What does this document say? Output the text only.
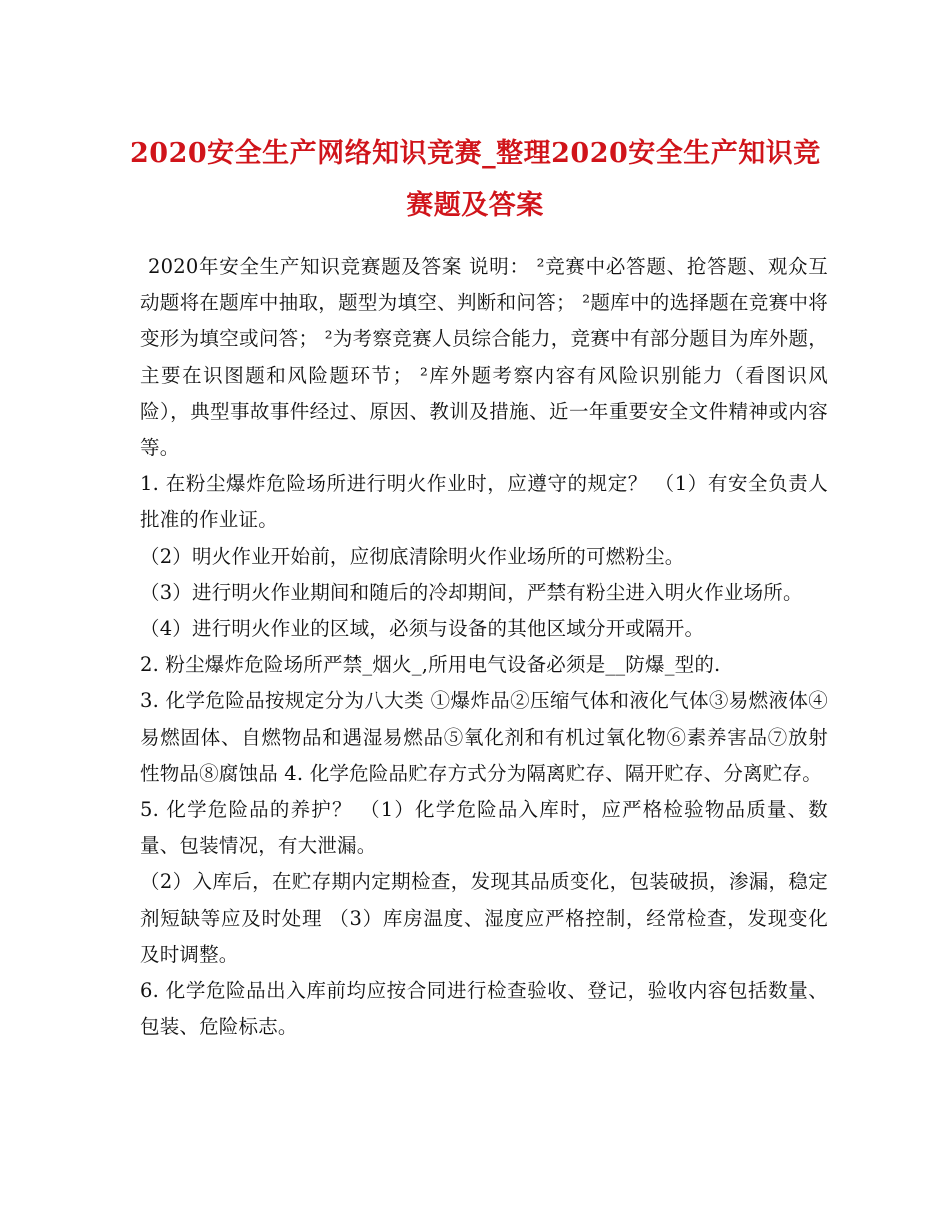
2020安全生产网络知识竞赛_整理2020安全生产知识竞
赛题及答案

2020年安全生产知识竞赛题及答案 说明： ²竞赛中必答题、抢答题、观众互动题将在题库中抽取，题型为填空、判断和问答； ²题库中的选择题在竞赛中将变形为填空或问答； ²为考察竞赛人员综合能力，竞赛中有部分题目为库外题，主要在识图题和风险题环节； ²库外题考察内容有风险识别能力（看图识风险），典型事故事件经过、原因、教训及措施、近一年重要安全文件精神或内容等。

1. 在粉尘爆炸危险场所进行明火作业时，应遵守的规定？ （1）有安全负责人批准的作业证。

（2）明火作业开始前，应彻底清除明火作业场所的可燃粉尘。

（3）进行明火作业期间和随后的冷却期间，严禁有粉尘进入明火作业场所。

（4）进行明火作业的区域，必须与设备的其他区域分开或隔开。

2. 粉尘爆炸危险场所严禁_烟火_,所用电气设备必须是__防爆_型的.

3. 化学危险品按规定分为八大类 ①爆炸品②压缩气体和液化气体③易燃液体④易燃固体、自燃物品和遇湿易燃品⑤氧化剂和有机过氧化物⑥素养害品⑦放射性物品⑧腐蚀品 4. 化学危险品贮存方式分为隔离贮存、隔开贮存、分离贮存。

5. 化学危险品的养护？ （1）化学危险品入库时，应严格检验物品质量、数量、包装情况，有大泄漏。

（2）入库后，在贮存期内定期检查，发现其品质变化，包装破损，渗漏，稳定剂短缺等应及时处理 （3）库房温度、湿度应严格控制，经常检查，发现变化及时调整。

6. 化学危险品出入库前均应按合同进行检查验收、登记，验收内容包括数量、包装、危险标志。
